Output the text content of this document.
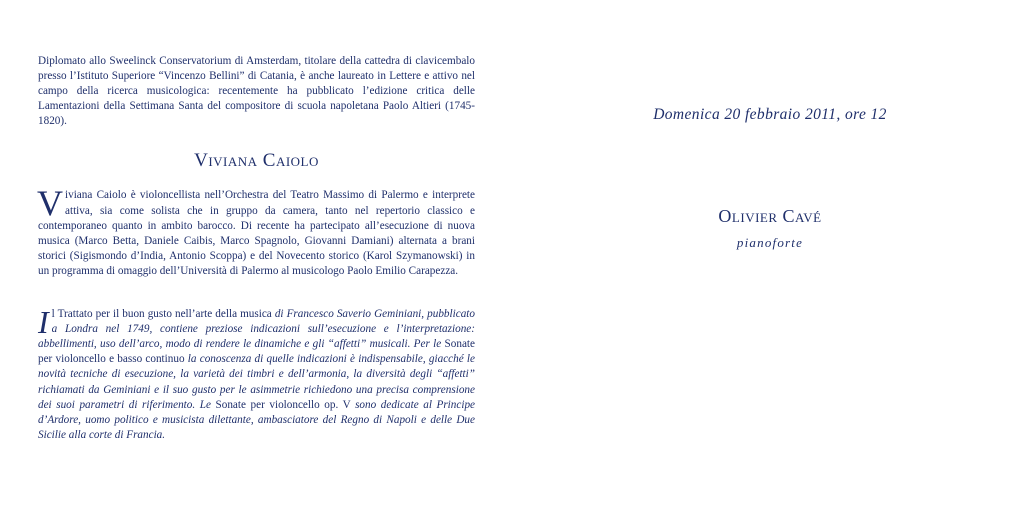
Diplomato allo Sweelinck Conservatorium di Amsterdam, titolare della cattedra di clavicembalo presso l’Istituto Superiore “Vincenzo Bellini” di Catania, è anche laureato in Lettere e attivo nel campo della ricerca musicologica: recentemente ha pubblicato l’edizione critica delle Lamentazioni della Settimana Santa del compositore di scuola napoletana Paolo Altieri (1745-1820).

Viviana Caiolo

Viviana Caiolo è violoncellista nell’Orchestra del Teatro Massimo di Palermo e interprete attiva, sia come solista che in gruppo da camera, tanto nel repertorio classico e contemporaneo quanto in ambito barocco. Di recente ha partecipato all’esecuzione di nuova musica (Marco Betta, Daniele Caibis, Marco Spagnolo, Giovanni Damiani) alternata a brani storici (Sigismondo d’India, Antonio Scoppa) e del Novecento storico (Karol Szymanowski) in un programma di omaggio dell’Università di Palermo al musicologo Paolo Emilio Carapezza.

Il Trattato per il buon gusto nell’arte della musica di Francesco Saverio Geminiani, pubblicato a Londra nel 1749, contiene preziose indicazioni sull’esecuzione e l’interpretazione: abbellimenti, uso dell’arco, modo di rendere le dinamiche e gli “affetti” musicali. Per le Sonate per violoncello e basso continuo la conoscenza di quelle indicazioni è indispensabile, giacché le novità tecniche di esecuzione, la varietà dei timbri e dell’armonia, la diversità degli “affetti” richiamati da Geminiani e il suo gusto per le asimmetrie richiedono una precisa comprensione dei suoi parametri di riferimento. Le Sonate per violoncello op. V sono dedicate al Principe d’Ardore, uomo politico e musicista dilettante, ambasciatore del Regno di Napoli e delle Due Sicilie alla corte di Francia.

Domenica 20 febbraio 2011, ore 12

Olivier Cavé

pianoforte
